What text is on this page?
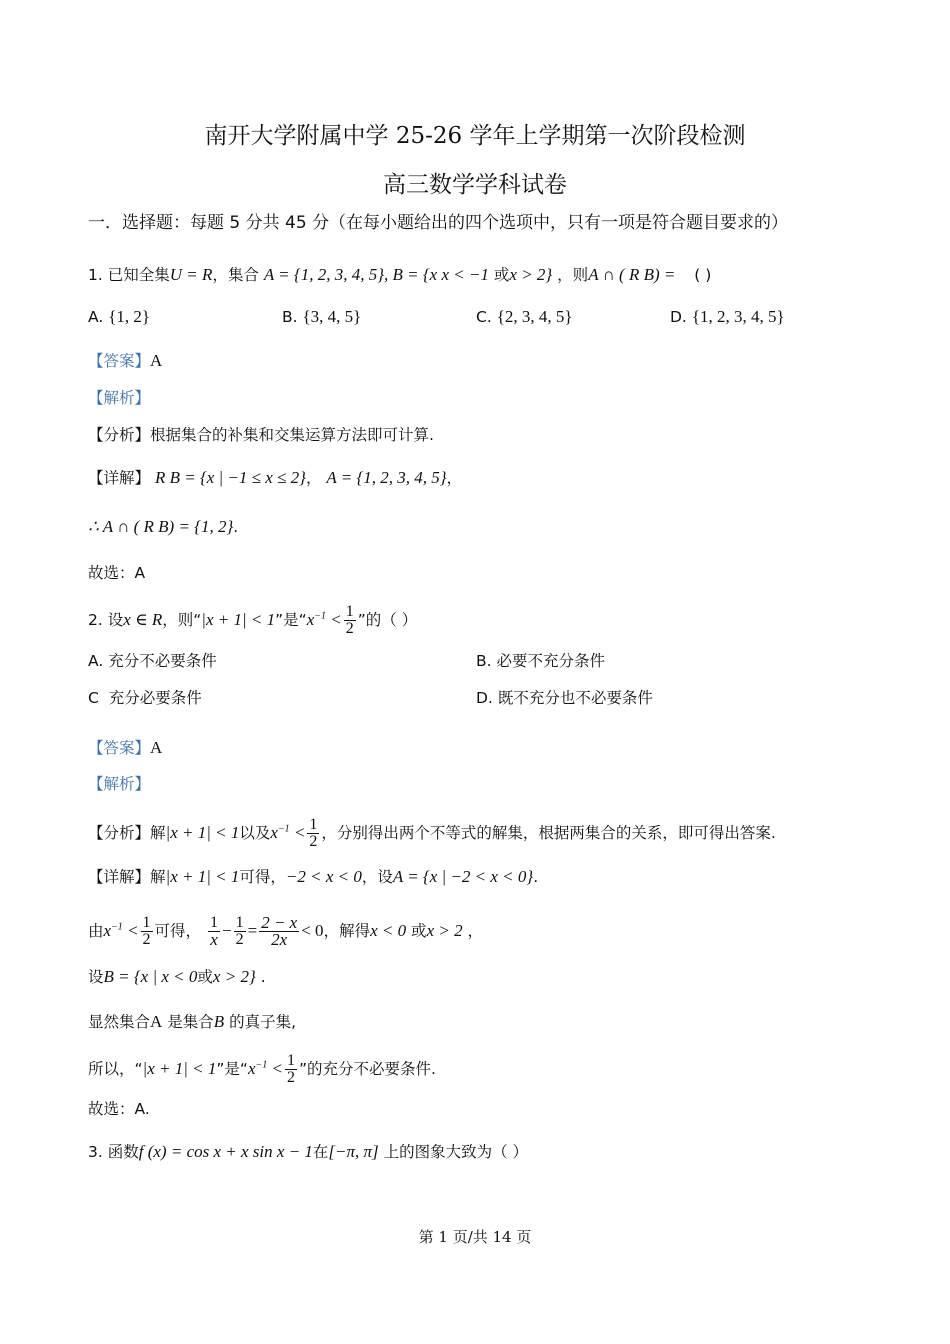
南开大学附属中学 25-26 学年上学期第一次阶段检测
高三数学学科试卷
一．选择题：每题 5 分共 45 分（在每小题给出的四个选项中，只有一项是符合题目要求的）
1. 已知全集U = R，集合 A = {1, 2, 3, 4, 5}, B = {x x < −1 或x > 2} ，则A ∩ ( R B) = ( )
A. {1, 2}	B. {3, 4, 5}	C. {2, 3, 4, 5}	D. {1, 2, 3, 4, 5}
【答案】A
【解析】
【分析】根据集合的补集和交集运算方法即可计算.
【详解】 R B = {x | −1 ≤ x ≤ 2}， A = {1, 2, 3, 4, 5}，
∴ A ∩ ( R B) = {1, 2}.
故选：A
2. 设x ∈ R，则“|x + 1| < 1”是“$x^{-1} < \frac{1}{2}$ ”的（ ）
A. 充分不必要条件	B. 必要不充分条件
C 充分必要条件	D. 既不充分也不必要条件
【答案】A
【解析】
【分析】解|x + 1| < 1以及$x^{-1} < \frac{1}{2}$ ，分别得出两个不等式的解集，根据两集合的关系，即可得出答案.
【详解】解|x + 1| < 1可得，−2 < x < 0，设A = {x | −2 < x < 0}.
由$x^{-1} < \frac{1}{2}$ 可得， $\frac{1}{x} - \frac{1}{2} = \frac{2 - x}{2x} < 0$，解得x < 0 或x > 2 ，
设B = {x | x < 0或x > 2} .
显然集合A 是集合B 的真子集,
所以，“|x + 1| < 1”是“$x^{-1} < \frac{1}{2}$ ”的充分不必要条件.
故选：A.
3. 函数f (x) = cos x + x sin x − 1在[−π, π] 上的图象大致为（ ）
第 1 页/共 14 页
